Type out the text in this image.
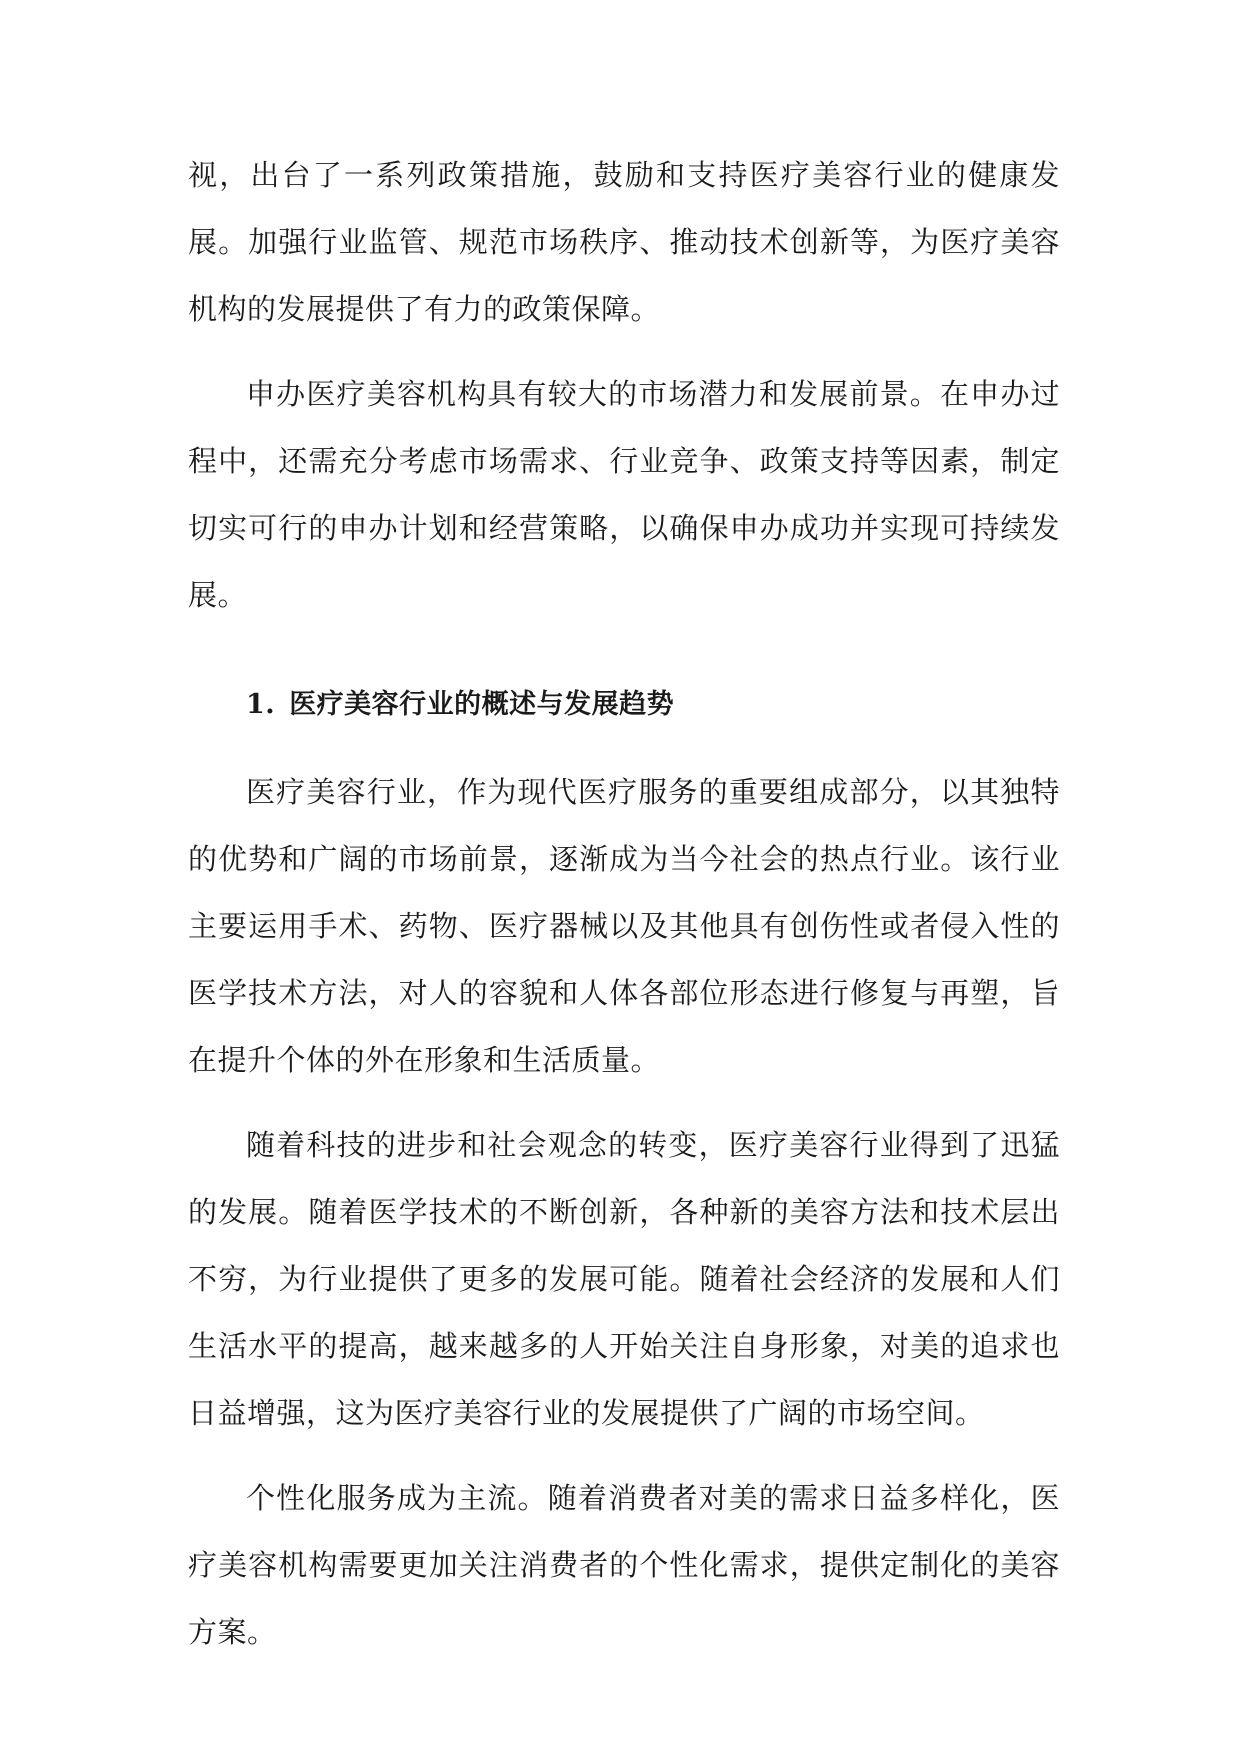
视，出台了一系列政策措施，鼓励和支持医疗美容行业的健康发展。加强行业监管、规范市场秩序、推动技术创新等，为医疗美容机构的发展提供了有力的政策保障。

申办医疗美容机构具有较大的市场潜力和发展前景。在申办过程中，还需充分考虑市场需求、行业竞争、政策支持等因素，制定切实可行的申办计划和经营策略，以确保申办成功并实现可持续发展。

1. 医疗美容行业的概述与发展趋势

医疗美容行业，作为现代医疗服务的重要组成部分，以其独特的优势和广阔的市场前景，逐渐成为当今社会的热点行业。该行业主要运用手术、药物、医疗器械以及其他具有创伤性或者侵入性的医学技术方法，对人的容貌和人体各部位形态进行修复与再塑，旨在提升个体的外在形象和生活质量。

随着科技的进步和社会观念的转变，医疗美容行业得到了迅猛的发展。随着医学技术的不断创新，各种新的美容方法和技术层出不穷，为行业提供了更多的发展可能。随着社会经济的发展和人们生活水平的提高，越来越多的人开始关注自身形象，对美的追求也日益增强，这为医疗美容行业的发展提供了广阔的市场空间。

个性化服务成为主流。随着消费者对美的需求日益多样化，医疗美容机构需要更加关注消费者的个性化需求，提供定制化的美容方案。
